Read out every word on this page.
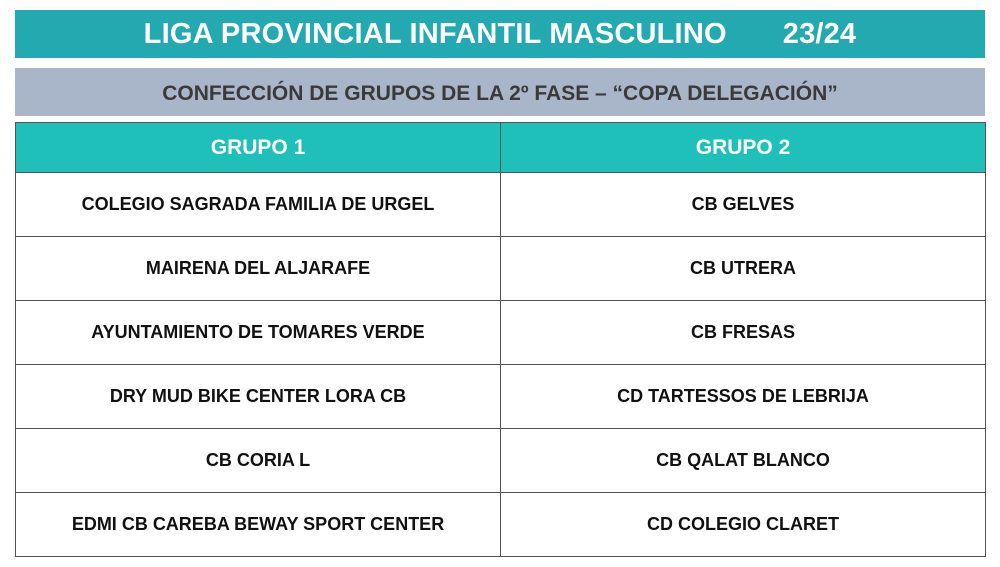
LIGA PROVINCIAL INFANTIL MASCULINO 23/24
CONFECCIÓN DE GRUPOS DE LA 2º FASE – “COPA DELEGACIÓN”
GRUPO 1	GRUPO 2
COLEGIO SAGRADA FAMILIA DE URGEL	CB GELVES
MAIRENA DEL ALJARAFE	CB UTRERA
AYUNTAMIENTO DE TOMARES VERDE	CB FRESAS
DRY MUD BIKE CENTER LORA CB	CD TARTESSOS DE LEBRIJA
CB CORIA L	CB QALAT BLANCO
EDMI CB CAREBA BEWAY SPORT CENTER	CD COLEGIO CLARET
